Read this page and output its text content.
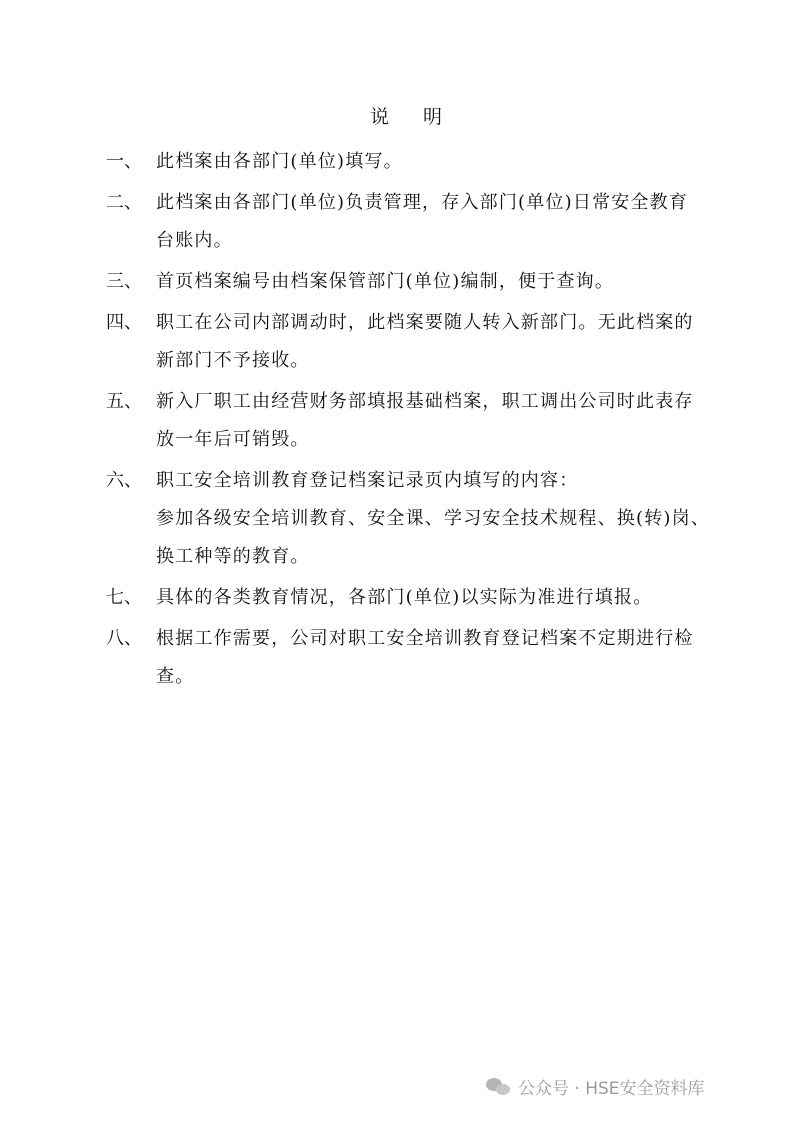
说 明
一、 此档案由各部门(单位)填写。
二、 此档案由各部门(单位)负责管理，存入部门(单位)日常安全教育
台账内。
三、 首页档案编号由档案保管部门(单位)编制，便于查询。
四、 职工在公司内部调动时，此档案要随人转入新部门。无此档案的
新部门不予接收。
五、 新入厂职工由经营财务部填报基础档案，职工调出公司时此表存
放一年后可销毁。
六、 职工安全培训教育登记档案记录页内填写的内容：
参加各级安全培训教育、安全课、学习安全技术规程、换(转)岗、
换工种等的教育。
七、 具体的各类教育情况，各部门(单位)以实际为准进行填报。
八、 根据工作需要，公司对职工安全培训教育登记档案不定期进行检
查。
公众号 · HSE安全资料库
